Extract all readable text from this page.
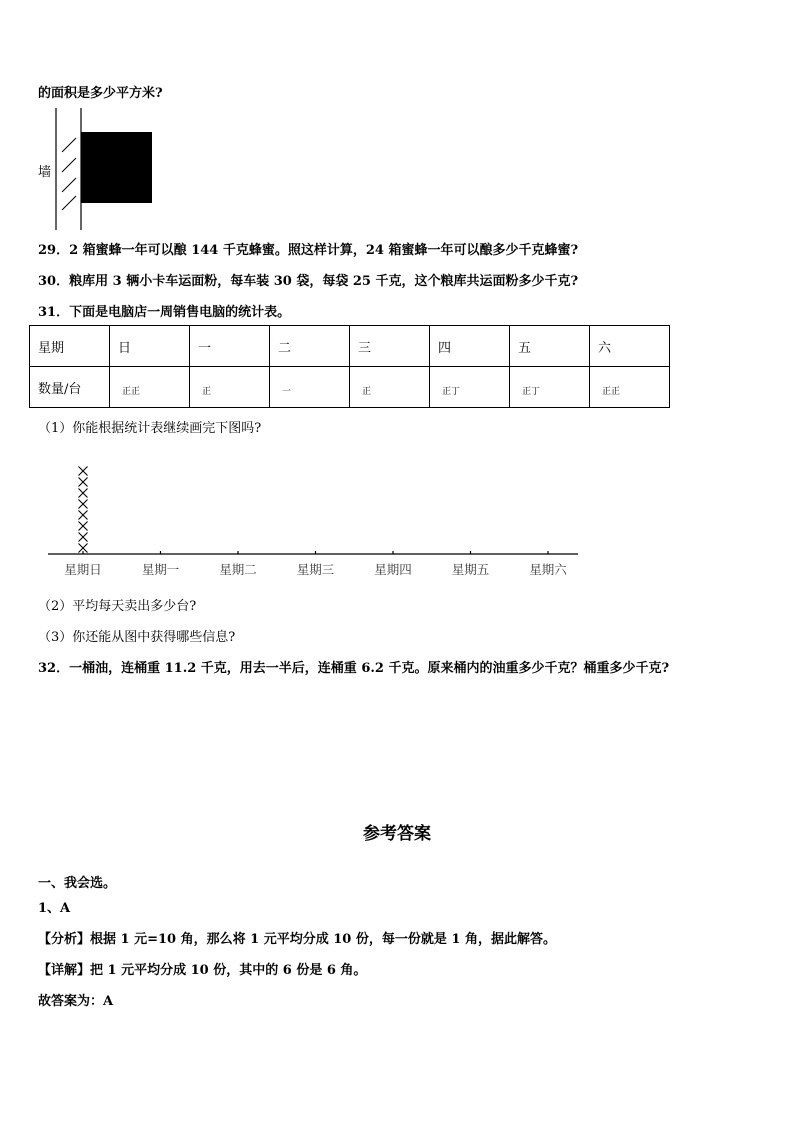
的面积是多少平方米?
墙
29．2 箱蜜蜂一年可以酿 144 千克蜂蜜。照这样计算，24 箱蜜蜂一年可以酿多少千克蜂蜜?
30．粮库用 3 辆小卡车运面粉，每车装 30 袋，每袋 25 千克，这个粮库共运面粉多少千克?
31．下面是电脑店一周销售电脑的统计表。
星期	日	一	二	三	四	五	六
数量/台	正正	正	一	正	正丁	正丁	正正
（1）你能根据统计表继续画完下图吗?
星期日	星期一	星期二	星期三	星期四	星期五	星期六
（2）平均每天卖出多少台?
（3）你还能从图中获得哪些信息?
32．一桶油，连桶重 11.2 千克，用去一半后，连桶重 6.2 千克。原来桶内的油重多少千克？桶重多少千克?
参考答案
一、我会选。
1、A
【分析】根据 1 元=10 角，那么将 1 元平均分成 10 份，每一份就是 1 角，据此解答。
【详解】把 1 元平均分成 10 份，其中的 6 份是 6 角。
故答案为：A
